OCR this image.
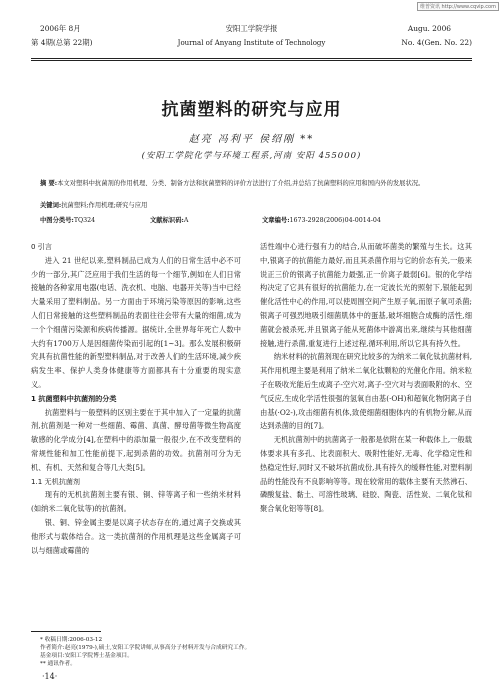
维普资讯 http://www.cqvip.com
2006年 8月
第 4期(总第 22期)
安阳工学院学报
Journal of Anyang Institute of Technology
Augu. 2006
No. 4(Gen. No. 22)
抗菌塑料的研究与应用
赵亮 冯利平 侯绍刚 **
(安阳工学院化学与环境工程系,河南 安阳 455000)
摘 要:本文对塑料中抗菌剂的作用机理、分类、制备方法和抗菌塑料的评价方法进行了介绍,并总结了抗菌塑料的应用和国内外的发展状况。
关键词:抗菌塑料;作用机理;研究与应用
中图分类号:TQ324	文献标识码:A	文章编号:1673-2928(2006)04-0014-04

0 引言

进入 21 世纪以来,塑料制品已成为人们的日常生活中必不可少的一部分,其广泛应用于我们生活的每一个细节,例如在人们日常接触的各种家用电器(电话、洗衣机、电脑、电器开关等)当中已经大量采用了塑料制品。另一方面由于环境污染等原因的影响,这些人们日常接触的这些塑料制品的表面往往会带有大量的细菌,成为一个个细菌污染源和疾病传播源。据统计,全世界每年死亡人数中大约有1700万人是因细菌传染而引起的[1~3]。那么发展积极研究具有抗菌性能的新型塑料制品,对于改善人们的生活环境,减少疾病发生率、保护人类身体健康等方面都具有十分重要的现实意义。

1 抗菌塑料中抗菌剂的分类

抗菌塑料与一般塑料的区别主要在于其中加入了一定量的抗菌剂,抗菌剂是一种对一些细菌、霉菌、真菌、酵母菌等微生物高度敏感的化学成分[4],在塑料中的添加量一般很少,在不改变塑料的常规性能和加工性能前提下,起到杀菌的功效。抗菌剂可分为无机、有机、天然和复合等几大类[5]。

1.1 无机抗菌剂

现有的无机抗菌剂主要有银、铜、锌等离子和一些纳米材料(如纳米二氧化钛等)的抗菌剂。

银、铜、锌金属主要是以离子状态存在的,通过离子交换或其他形式与载体结合。这一类抗菌剂的作用机理是这些金属离子可以与细菌或霉菌的

活性端中心进行强有力的结合,从而破坏菌类的繁殖与生长。这其中,银离子的抗菌能力最好,而且其杀菌作用与它的价态有关,一般来说正三价的银离子抗菌能力最强,正一价离子最弱[6]。银的化学结构决定了它具有很好的抗菌能力,在一定波长光的照射下,银能起到催化活性中心的作用,可以使周围空间产生原子氧,而原子氧可杀菌;银离子可强烈地吸引细菌肌体中的蛋基,破坏细胞合成酶的活性,细菌就会被杀死,并且银离子能从死菌体中游离出来,继续与其他细菌接触,进行杀菌,重复进行上述过程,循环利用,所以它具有持久性。

纳米材料的抗菌剂现在研究比较多的为纳米二氧化钛抗菌材料,其作用机理主要是利用了纳米二氧化钛颗粒的光催化作用。纳米粒子在吸收光能后生成离子-空穴对,离子-空穴对与表面吸附的水、空气反应,生成化学活性很强的氢氧自由基(·OH)和超氧化物阴离子自由基(·O2-),攻击细菌有机体,致使细菌细胞体内的有机物分解,从而达到杀菌的目的[7]。

无机抗菌剂中的抗菌离子一般都是依附在某一种载体上,一般载体要求具有多孔、比表面积大、吸附性能好,无毒、化学稳定性和热稳定性好,同时又不破坏抗菌成份,具有持久的缓释性能,对塑料制品的性能没有不良影响等等。现在较常用的载体主要有天然沸石、磷酸复盐、黏土、可溶性玻璃、硅胶、陶瓷、活性炭、二氧化钛和聚合氧化铝等等[8]。

* 收稿日期:2006-03-12
作者简介:赵亮(1979-),硕士,安阳工学院讲师,从事高分子材料开发与合成研究工作。
基金项目:安阳工学院博士基金项目。
** 通讯作者。
·14·
